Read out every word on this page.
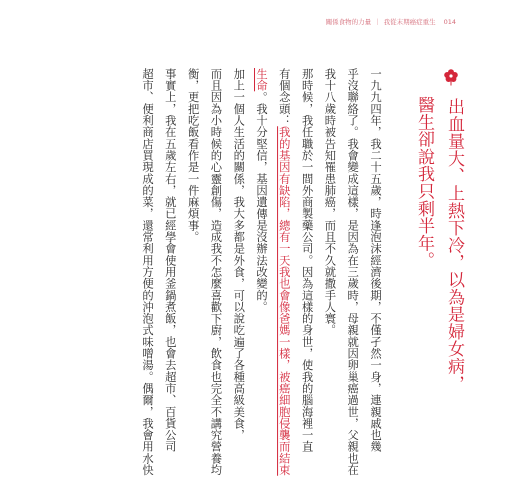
關係食物的力量 ｜ 我從末期癌症重生 014
出血量大、上熱下冷，以為是婦女病，
醫生卻說我只剩半年。
一九九四年，我二十五歲，時逢泡沫經濟後期，不僅孑然一身，連親戚也幾
乎沒聯絡了。我會變成這樣，是因為在三歲時，母親就因卵巢癌過世，父親也在
我十八歲時被告知罹患肺癌，而且不久就撒手人寰。
那時候，我任職於一間外商製藥公司。因為這樣的身世，使我的腦海裡一直
有個念頭：我的基因有缺陷，總有一天我也會像爸媽一樣，被癌細胞侵襲而結束
生命。我十分堅信，基因遺傳是沒辦法改變的。
加上一個人生活的關係，我大多都是外食，可以說吃遍了各種高級美食，
而且因為小時候的心靈創傷，造成我不怎麼喜歡下廚，飲食也完全不講究營養均
衡，更把吃飯看作是一件麻煩事。
事實上，我在五歲左右，就已經學會使用釜鍋煮飯，也會去超市、百貨公司
超市、便利商店買現成的菜，還常利用方便的沖泡式味噌湯。偶爾，我會用水快
